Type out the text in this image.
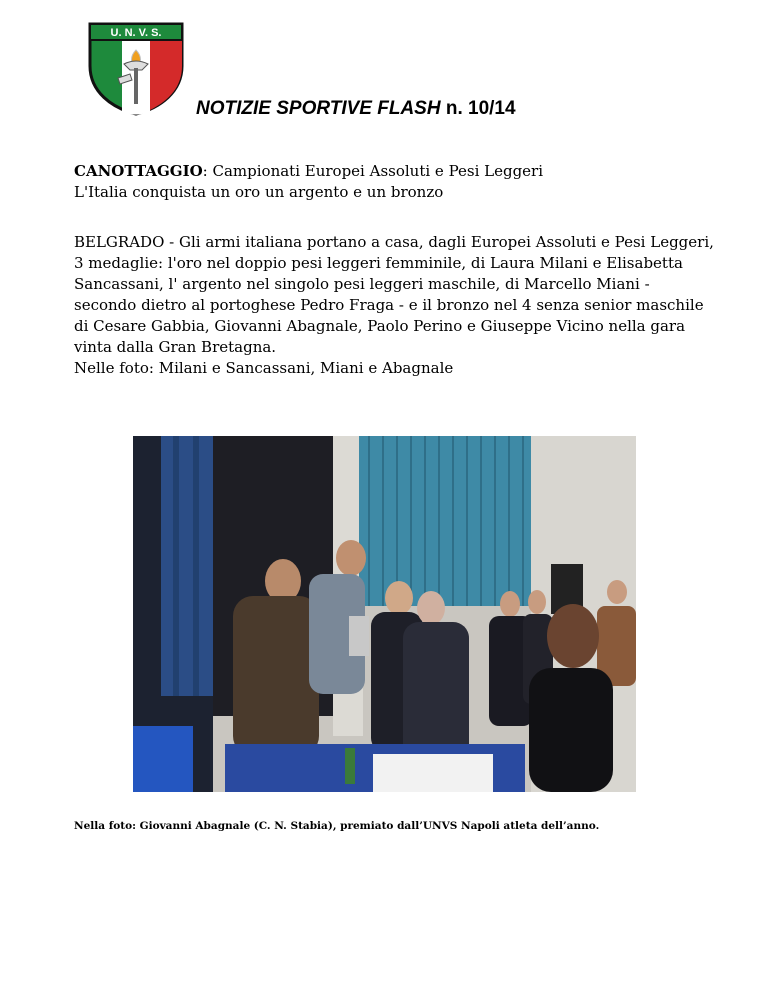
U. N. V. S.
NOTIZIE SPORTIVE FLASH n. 10/14
CANOTTAGGIO: Campionati Europei Assoluti e Pesi Leggeri
L'Italia conquista un oro un argento e un bronzo

BELGRADO - Gli armi italiana portano a casa, dagli Europei Assoluti e Pesi Leggeri, 3 medaglie: l'oro nel doppio pesi leggeri femminile, di Laura Milani e Elisabetta Sancassani, l' argento nel singolo pesi leggeri maschile, di Marcello Miani - secondo dietro al portoghese Pedro Fraga - e il bronzo nel 4 senza senior maschile di Cesare Gabbia, Giovanni Abagnale, Paolo Perino e Giuseppe Vicino nella gara vinta dalla Gran Bretagna.

Nelle foto: Milani e Sancassani, Miani e Abagnale

Nella foto: Giovanni Abagnale (C. N. Stabia), premiato dall’UNVS Napoli atleta dell’anno.
